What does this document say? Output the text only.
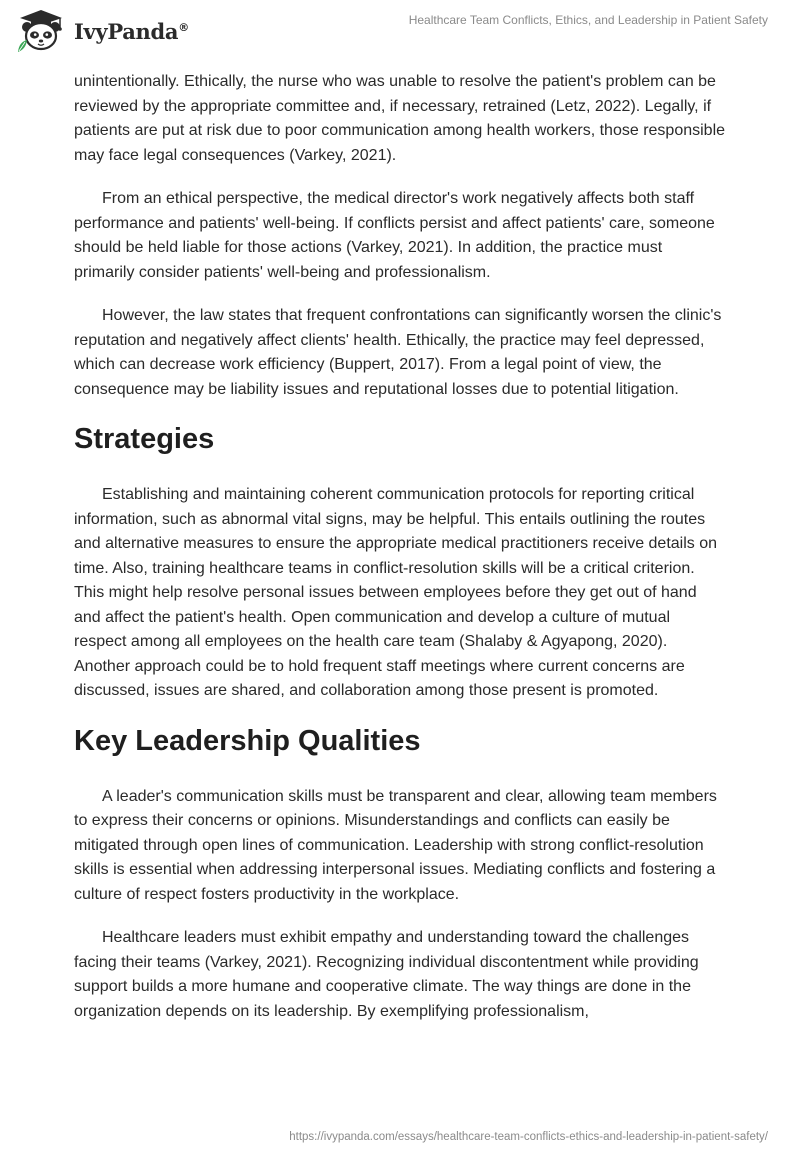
IvyPanda®	Healthcare Team Conflicts, Ethics, and Leadership in Patient Safety

unintentionally. Ethically, the nurse who was unable to resolve the patient's problem can be reviewed by the appropriate committee and, if necessary, retrained (Letz, 2022). Legally, if patients are put at risk due to poor communication among health workers, those responsible may face legal consequences (Varkey, 2021).

From an ethical perspective, the medical director's work negatively affects both staff performance and patients' well-being. If conflicts persist and affect patients' care, someone should be held liable for those actions (Varkey, 2021). In addition, the practice must primarily consider patients' well-being and professionalism.

However, the law states that frequent confrontations can significantly worsen the clinic's reputation and negatively affect clients' health. Ethically, the practice may feel depressed, which can decrease work efficiency (Buppert, 2017). From a legal point of view, the consequence may be liability issues and reputational losses due to potential litigation.

Strategies

Establishing and maintaining coherent communication protocols for reporting critical information, such as abnormal vital signs, may be helpful. This entails outlining the routes and alternative measures to ensure the appropriate medical practitioners receive details on time. Also, training healthcare teams in conflict-resolution skills will be a critical criterion. This might help resolve personal issues between employees before they get out of hand and affect the patient's health. Open communication and develop a culture of mutual respect among all employees on the health care team (Shalaby & Agyapong, 2020). Another approach could be to hold frequent staff meetings where current concerns are discussed, issues are shared, and collaboration among those present is promoted.

Key Leadership Qualities

A leader's communication skills must be transparent and clear, allowing team members to express their concerns or opinions. Misunderstandings and conflicts can easily be mitigated through open lines of communication. Leadership with strong conflict-resolution skills is essential when addressing interpersonal issues. Mediating conflicts and fostering a culture of respect fosters productivity in the workplace.

Healthcare leaders must exhibit empathy and understanding toward the challenges facing their teams (Varkey, 2021). Recognizing individual discontentment while providing support builds a more humane and cooperative climate. The way things are done in the organization depends on its leadership. By exemplifying professionalism,

https://ivypanda.com/essays/healthcare-team-conflicts-ethics-and-leadership-in-patient-safety/
